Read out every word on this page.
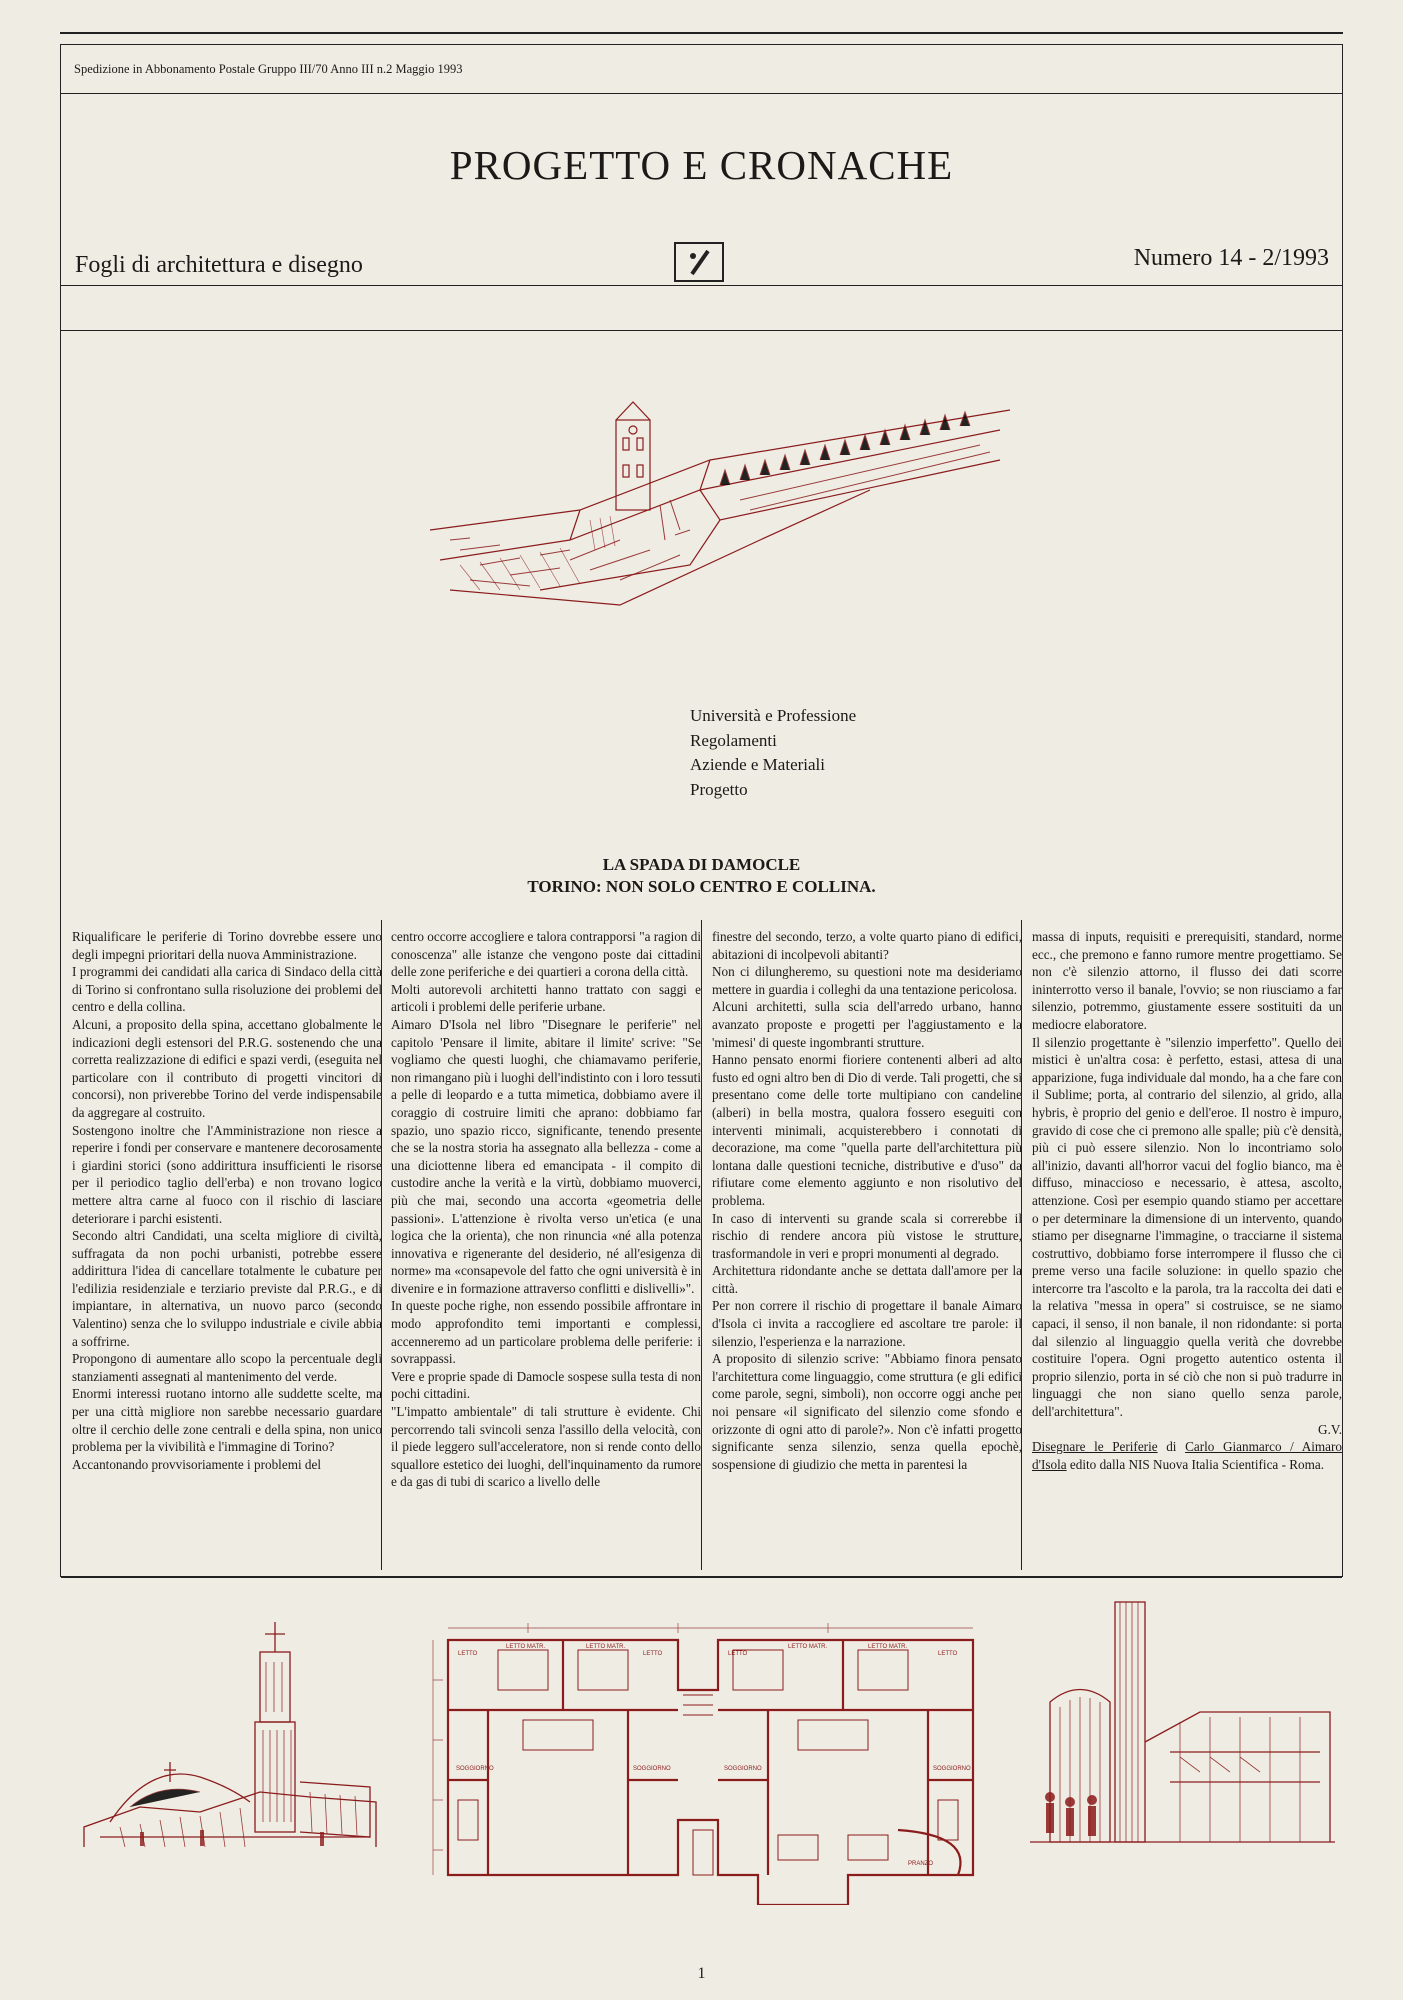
Spedizione in Abbonamento Postale Gruppo III/70 Anno III n.2 Maggio 1993
PROGETTO E CRONACHE
Fogli di architettura e disegno	Numero 14 - 2/1993
Università e Professione
Regolamenti
Aziende e Materiali
Progetto
LA SPADA DI DAMOCLE
TORINO: NON SOLO CENTRO E COLLINA.

Riqualificare le periferie di Torino dovrebbe essere uno degli impegni prioritari della nuova Amministrazione.

I programmi dei candidati alla carica di Sindaco della città di Torino si confrontano sulla risoluzione dei problemi del centro e della collina.

Alcuni, a proposito della spina, accettano globalmente le indicazioni degli estensori del P.R.G. sostenendo che una corretta realizzazione di edifici e spazi verdi, (eseguita nel particolare con il contributo di progetti vincitori di concorsi), non priverebbe Torino del verde indispensabile da aggregare al costruito.

Sostengono inoltre che l'Amministrazione non riesce a reperire i fondi per conservare e mantenere decorosamente i giardini storici (sono addirittura insufficienti le risorse per il periodico taglio dell'erba) e non trovano logico mettere altra carne al fuoco con il rischio di lasciare deteriorare i parchi esistenti.

Secondo altri Candidati, una scelta migliore di civiltà, suffragata da non pochi urbanisti, potrebbe essere addirittura l'idea di cancellare totalmente le cubature per l'edilizia residenziale e terziario previste dal P.R.G., e di impiantare, in alternativa, un nuovo parco (secondo Valentino) senza che lo sviluppo industriale e civile abbia a soffrirne.

Propongono di aumentare allo scopo la percentuale degli stanziamenti assegnati al mantenimento del verde.

Enormi interessi ruotano intorno alle suddette scelte, ma per una città migliore non sarebbe necessario guardare oltre il cerchio delle zone centrali e della spina, non unico problema per la vivibilità e l'immagine di Torino?

Accantonando provvisoriamente i problemi del

centro occorre accogliere e talora contrapporsi "a ragion di conoscenza" alle istanze che vengono poste dai cittadini delle zone periferiche e dei quartieri a corona della città.

Molti autorevoli architetti hanno trattato con saggi e articoli i problemi delle periferie urbane.

Aimaro D'Isola nel libro "Disegnare le periferie" nel capitolo 'Pensare il limite, abitare il limite' scrive: "Se vogliamo che questi luoghi, che chiamavamo periferie, non rimangano più i luoghi dell'indistinto con i loro tessuti a pelle di leopardo e a tutta mimetica, dobbiamo avere il coraggio di costruire limiti che aprano: dobbiamo far spazio, uno spazio ricco, significante, tenendo presente che se la nostra storia ha assegnato alla bellezza - come a una diciottenne libera ed emancipata - il compito di custodire anche la verità e la virtù, dobbiamo muoverci, più che mai, secondo una accorta «geometria delle passioni». L'attenzione è rivolta verso un'etica (e una logica che la orienta), che non rinuncia «né alla potenza innovativa e rigenerante del desiderio, né all'esigenza di norme» ma «consapevole del fatto che ogni università è in divenire e in formazione attraverso conflitti e dislivelli»".

In queste poche righe, non essendo possibile affrontare in modo approfondito temi importanti e complessi, accenneremo ad un particolare problema delle periferie: i sovrappassi.

Vere e proprie spade di Damocle sospese sulla testa di non pochi cittadini.

"L'impatto ambientale" di tali strutture è evidente. Chi percorrendo tali svincoli senza l'assillo della velocità, con il piede leggero sull'acceleratore, non si rende conto dello squallore estetico dei luoghi, dell'inquinamento da rumore e da gas di tubi di scarico a livello delle

finestre del secondo, terzo, a volte quarto piano di edifici, abitazioni di incolpevoli abitanti?

Non ci dilungheremo, su questioni note ma desideriamo mettere in guardia i colleghi da una tentazione pericolosa.

Alcuni architetti, sulla scia dell'arredo urbano, hanno avanzato proposte e progetti per l'aggiustamento e la 'mimesi' di queste ingombranti strutture.

Hanno pensato enormi fioriere contenenti alberi ad alto fusto ed ogni altro ben di Dio di verde. Tali progetti, che si presentano come delle torte multipiano con candeline (alberi) in bella mostra, qualora fossero eseguiti con interventi minimali, acquisterebbero i connotati di decorazione, ma come "quella parte dell'architettura più lontana dalle questioni tecniche, distributive e d'uso" da rifiutare come elemento aggiunto e non risolutivo del problema.

In caso di interventi su grande scala si correrebbe il rischio di rendere ancora più vistose le strutture, trasformandole in veri e propri monumenti al degrado.

Architettura ridondante anche se dettata dall'amore per la città.

Per non correre il rischio di progettare il banale Aimaro d'Isola ci invita a raccogliere ed ascoltare tre parole: il silenzio, l'esperienza e la narrazione.

A proposito di silenzio scrive: "Abbiamo finora pensato l'architettura come linguaggio, come struttura (e gli edifici come parole, segni, simboli), non occorre oggi anche per noi pensare «il significato del silenzio come sfondo e orizzonte di ogni atto di parole?». Non c'è infatti progetto significante senza silenzio, senza quella epochè, sospensione di giudizio che metta in parentesi la

massa di inputs, requisiti e prerequisiti, standard, norme ecc., che premono e fanno rumore mentre progettiamo. Se non c'è silenzio attorno, il flusso dei dati scorre ininterrotto verso il banale, l'ovvio; se non riusciamo a far silenzio, potremmo, giustamente essere sostituiti da un mediocre elaboratore.

Il silenzio progettante è "silenzio imperfetto". Quello dei mistici è un'altra cosa: è perfetto, estasi, attesa di una apparizione, fuga individuale dal mondo, ha a che fare con il Sublime; porta, al contrario del silenzio, al grido, alla hybris, è proprio del genio e dell'eroe. Il nostro è impuro, gravido di cose che ci premono alle spalle; più c'è densità, più ci può essere silenzio. Non lo incontriamo solo all'inizio, davanti all'horror vacui del foglio bianco, ma è diffuso, minaccioso e necessario, è attesa, ascolto, attenzione. Così per esempio quando stiamo per accettare o per determinare la dimensione di un intervento, quando stiamo per disegnarne l'immagine, o tracciarne il sistema costruttivo, dobbiamo forse interrompere il flusso che ci preme verso una facile soluzione: in quello spazio che intercorre tra l'ascolto e la parola, tra la raccolta dei dati e la relativa "messa in opera" si costruisce, se ne siamo capaci, il senso, il non banale, il non ridondante: si porta dal silenzio al linguaggio quella verità che dovrebbe costituire l'opera. Ogni progetto autentico ostenta il proprio silenzio, porta in sé ciò che non si può tradurre in linguaggi che non siano quello senza parole, dell'architettura".

G.V.

Disegnare le Periferie di Carlo Gianmarco / Aimaro d'Isola edito dalla NIS Nuova Italia Scientifica - Roma.

LETTO
LETTO MATR.	LETTO MATR.
LETTO	LETTO
LETTO MATR.	LETTO MATR.
LETTO
SOGGIORNO	SOGGIORNO	SOGGIORNO	SOGGIORNO
PRANZO
1
